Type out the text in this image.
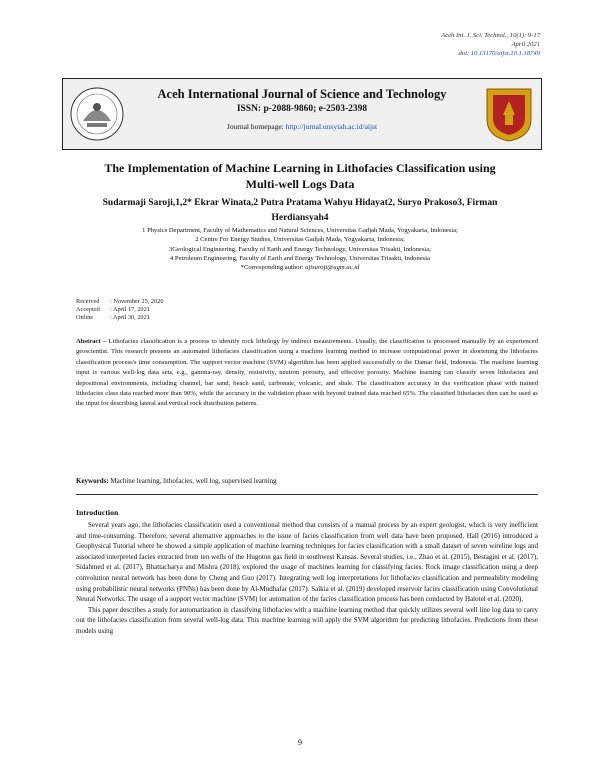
Aceh Int. J. Sci. Technol., 10(1): 9-17
April 2021
doi: 10.13170/aijst.10.1.18749
Aceh International Journal of Science and Technology
ISSN: p-2088-9860; e-2503-2398
Journal homepage: http://jurnal.unsyiah.ac.id/aijst
The Implementation of Machine Learning in Lithofacies Classification using
Multi-well Logs Data
Sudarmaji Saroji,1,2* Ekrar Winata,2 Putra Pratama Wahyu Hidayat2, Suryo Prakoso3, Firman
Herdiansyah4
1 Physics Department, Faculty of Mathematics and Natural Sciences, Universitas Gadjah Mada, Yogyakarta, Indonesia;
2 Centre For Energy Studies, Universitas Gadjah Mada, Yogyakarta, Indonesia;
3Geological Engineering, Faculty of Earth and Energy Technology, Universitas Trisakti, Indonesia;
4 Petroleum Engineering, Faculty of Earth and Energy Technology, Universitas Trisakti, Indonesia
*Corresponding author: ajisaroji@ugm.ac.id
Received	: November 25, 2020
Accepted	: April 17, 2021
Online	: April 30, 2021
Abstract – Lithofacies classification is a process to identify rock lithology by indirect measurements. Usually, the classification is processed manually by an experienced geoscientist. This research presents an automated lithofacies classification using a machine learning method to increase computational power in shortening the lithofacies classification process's time consumption. The support vector machine (SVM) algorithm has been applied successfully to the Damar field, Indonesia. The machine learning input is various well-log data sets, e.g., gamma-ray, density, resistivity, neutron porosity, and effective porosity. Machine learning can classify seven lithofacies and depositional environments, including channel, bar sand, beach sand, carbonate, volcanic, and shale. The classification accuracy in the verification phase with trained lithofacies class data reached more than 90%, while the accuracy in the validation phase with beyond trained data reached 65%. The classified lithofacies then can be used as the input for describing lateral and vertical rock distribution patterns.
Keywords: Machine learning, lithofacies, well log, supervised learning
Introduction

Several years ago, the lithofacies classification used a conventional method that consists of a manual process by an expert geologist, which is very inefficient and time-consuming. Therefore, several alternative approaches to the issue of facies classification from well data have been proposed. Hall (2016) introduced a Geophysical Tutorial where he showed a simple application of machine learning techniques for facies classification with a small dataset of seven wireline logs and associated interpreted facies extracted from ten wells of the Hugoton gas field in southwest Kansas. Several studies, i.e., Zhao et al. (2015), Bestagini et al. (2017), Sidahmed et al. (2017), Bhattacharya and Mishra (2018), explored the usage of machines learning for classifying facies. Rock image classification using a deep convolution neural network has been done by Cheng and Guo (2017). Integrating well log interpretations for lithofacies classification and permeability modeling using probabilistic neural networks (PNNs) has been done by Al-Mudhafar (2017). Saikia et al. (2019) developed reservoir facies classification using Convolutional Neural Networks. The usage of a support vector machine (SVM) for automation of the facies classification process has been conducted by Halotel et al. (2020).

This paper describes a study for automatization in classifying lithofacies with a machine learning method that quickly utilizes several well line log data to carry out the lithofacies classification from several well-log data. This machine learning will apply the SVM algorithm for predicting lithofacies. Predictions from these models using

9
